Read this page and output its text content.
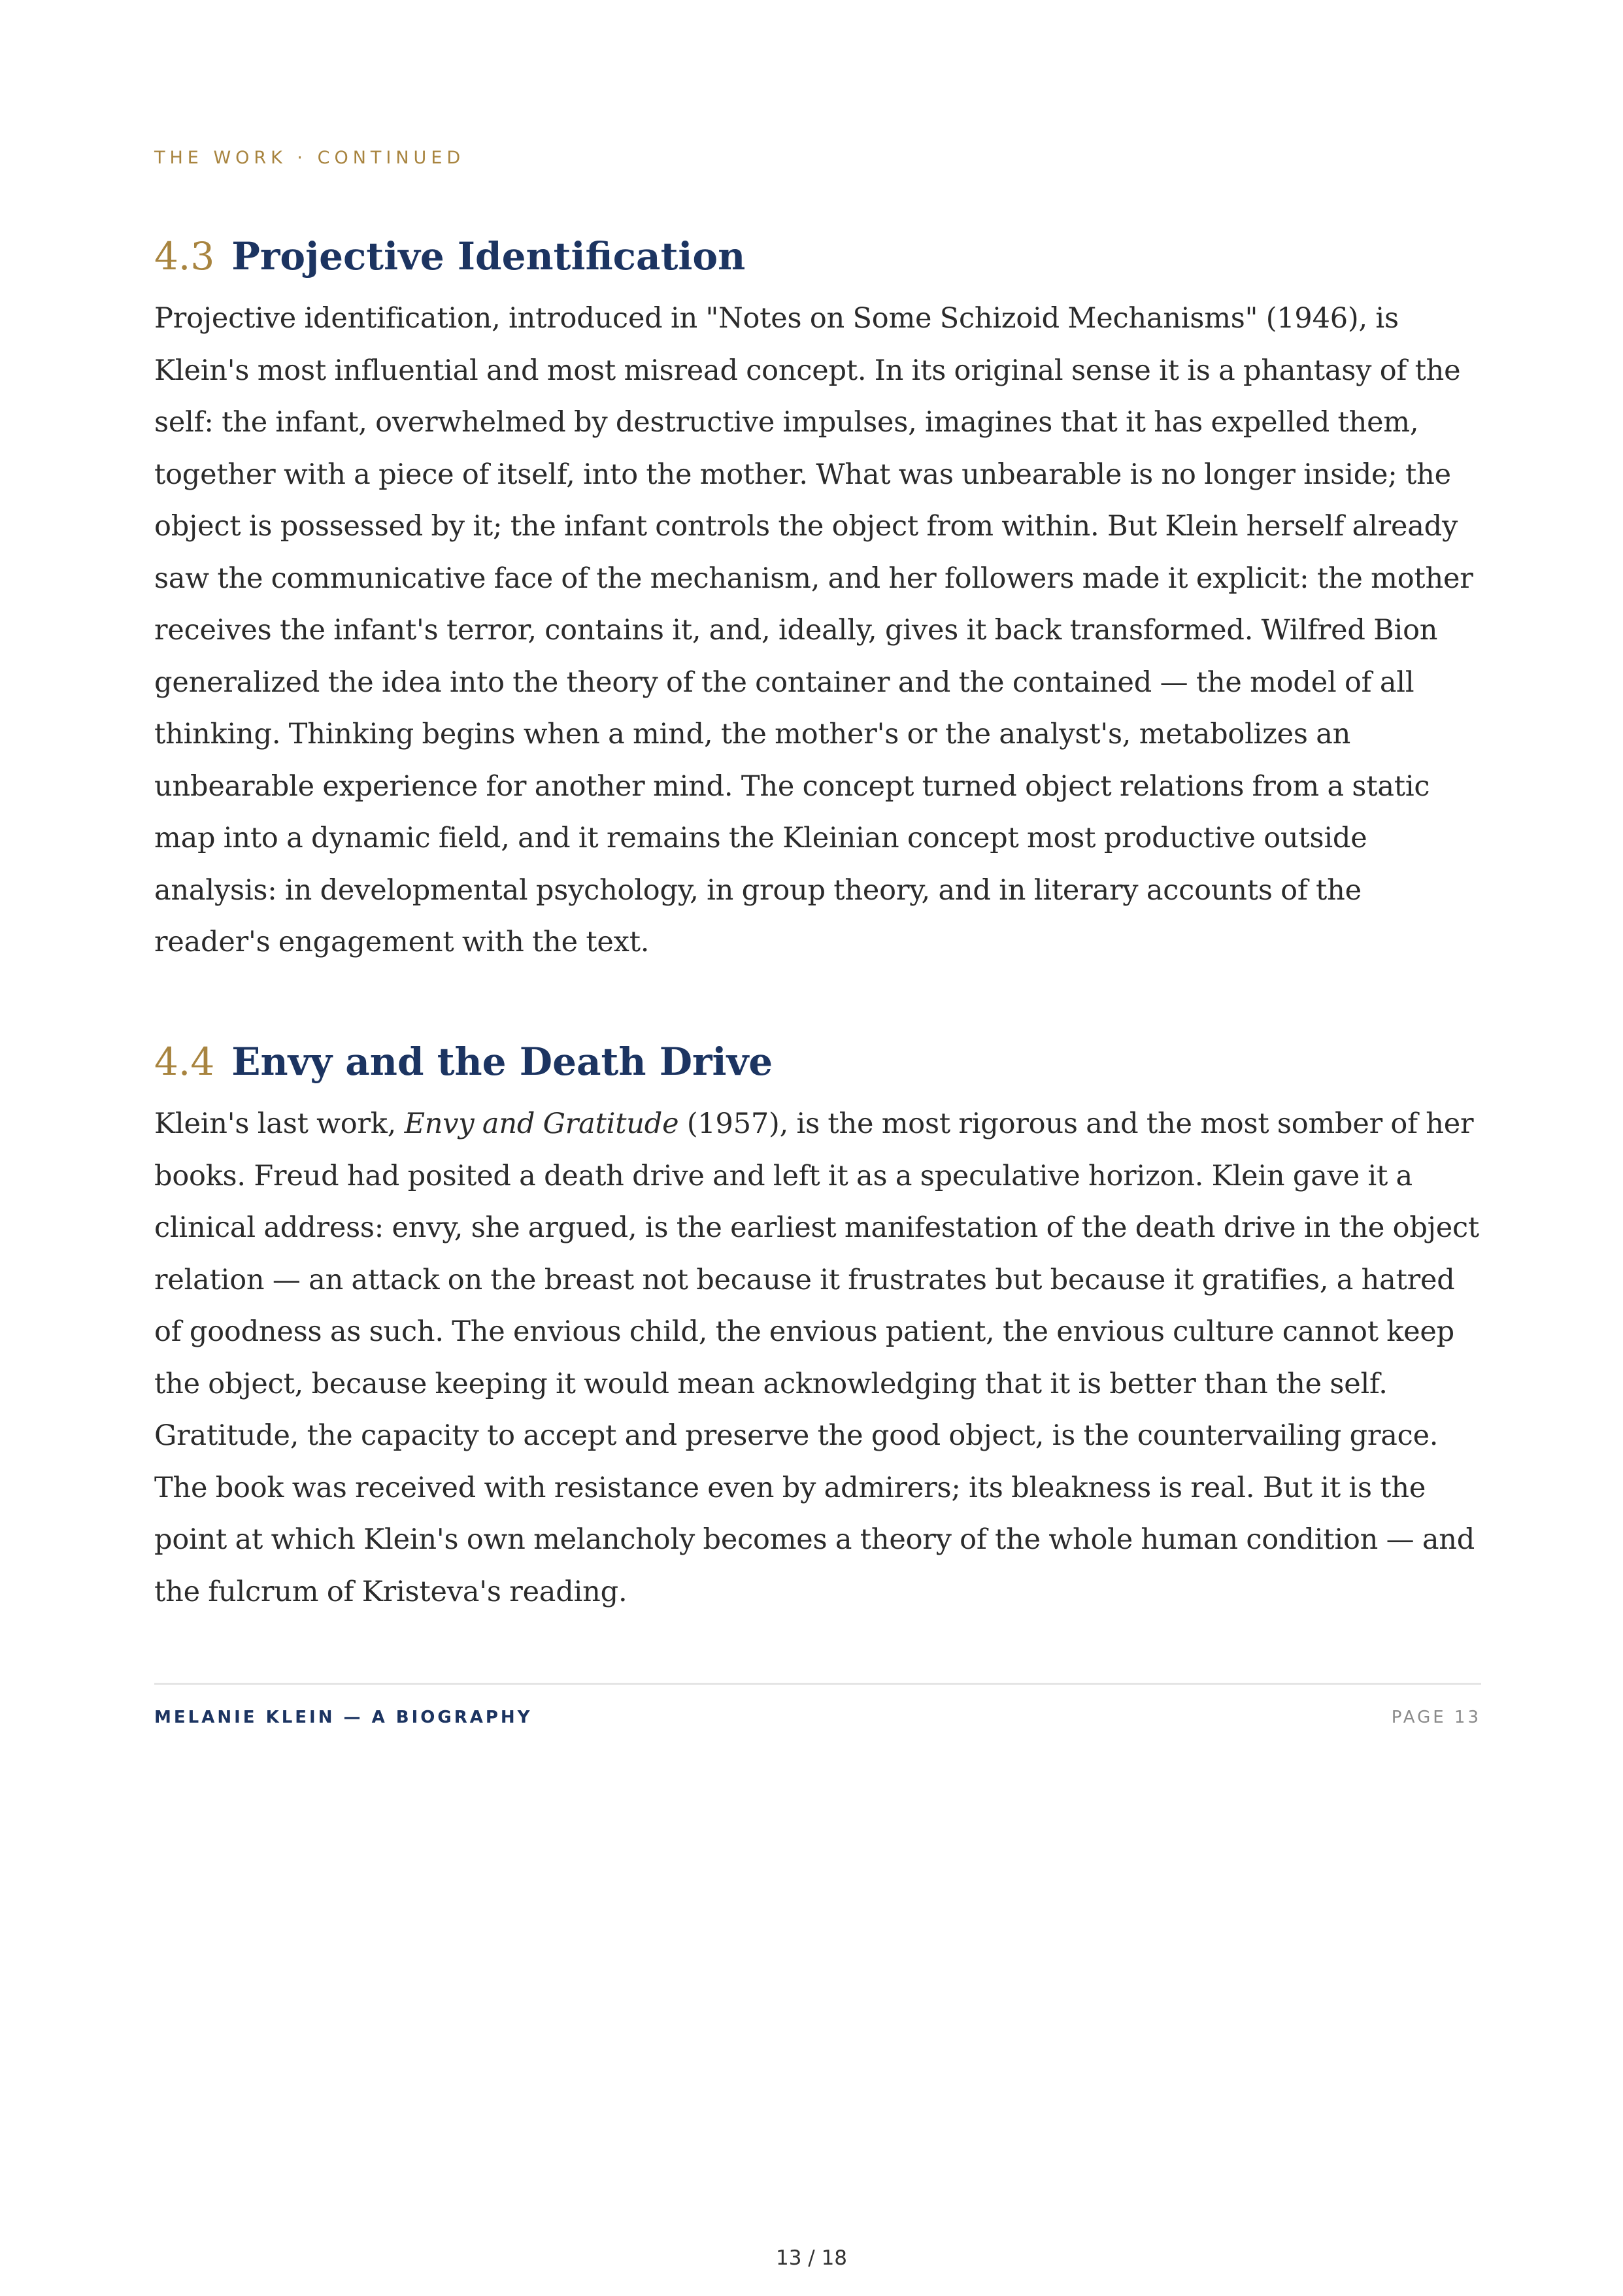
THE WORK · CONTINUED
4.3 Projective Identification

Projective identification, introduced in "Notes on Some Schizoid Mechanisms" (1946), is Klein's most influential and most misread concept. In its original sense it is a phantasy of the self: the infant, overwhelmed by destructive impulses, imagines that it has expelled them, together with a piece of itself, into the mother. What was unbearable is no longer inside; the object is possessed by it; the infant controls the object from within. But Klein herself already saw the communicative face of the mechanism, and her followers made it explicit: the mother receives the infant's terror, contains it, and, ideally, gives it back transformed. Wilfred Bion generalized the idea into the theory of the container and the contained — the model of all thinking. Thinking begins when a mind, the mother's or the analyst's, metabolizes an unbearable experience for another mind. The concept turned object relations from a static map into a dynamic field, and it remains the Kleinian concept most productive outside analysis: in developmental psychology, in group theory, and in literary accounts of the reader's engagement with the text.

4.4 Envy and the Death Drive

Klein's last work, Envy and Gratitude (1957), is the most rigorous and the most somber of her books. Freud had posited a death drive and left it as a speculative horizon. Klein gave it a clinical address: envy, she argued, is the earliest manifestation of the death drive in the object relation — an attack on the breast not because it frustrates but because it gratifies, a hatred of goodness as such. The envious child, the envious patient, the envious culture cannot keep the object, because keeping it would mean acknowledging that it is better than the self. Gratitude, the capacity to accept and preserve the good object, is the countervailing grace. The book was received with resistance even by admirers; its bleakness is real. But it is the point at which Klein's own melancholy becomes a theory of the whole human condition — and the fulcrum of Kristeva's reading.

MELANIE KLEIN — A BIOGRAPHY	PAGE 13
13 / 18
